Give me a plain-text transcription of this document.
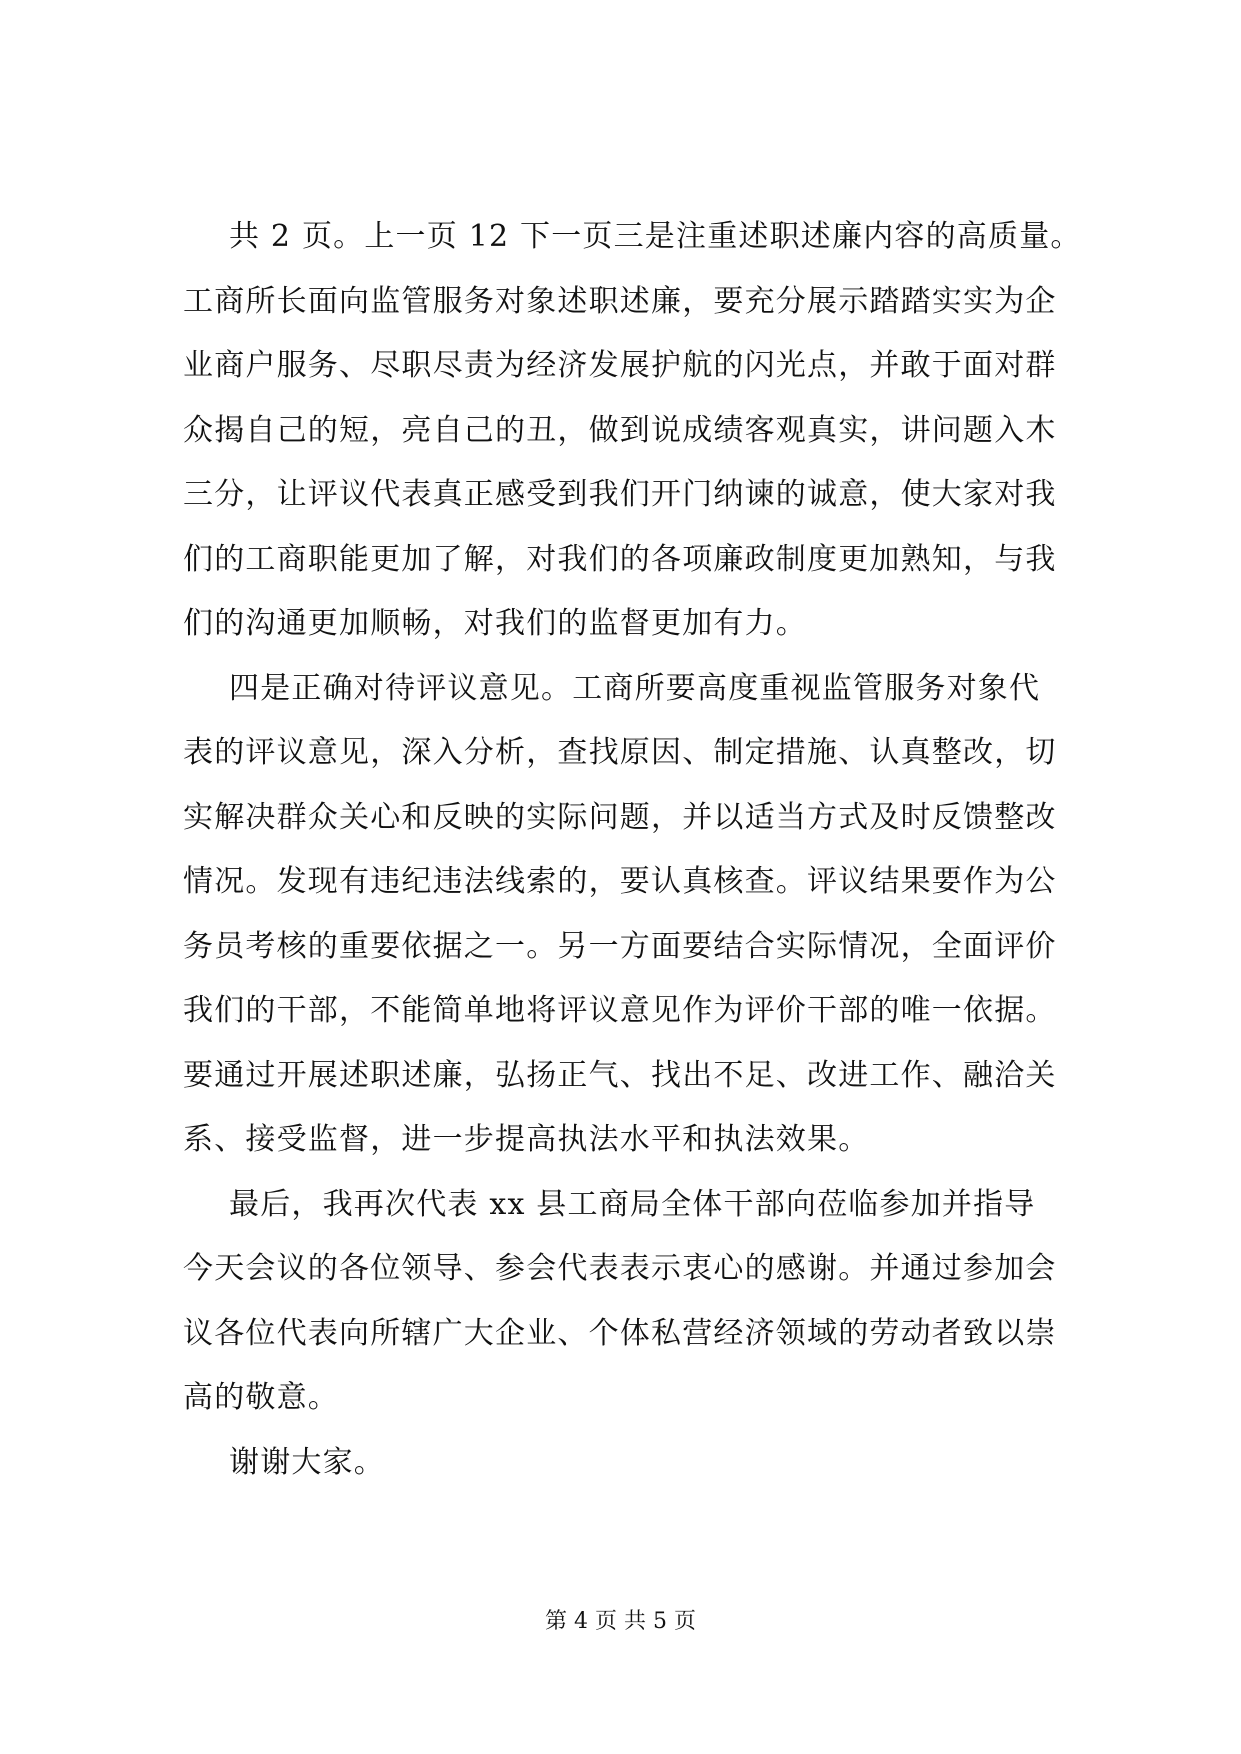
共 2 页。上一页 12 下一页三是注重述职述廉内容的高质量。
工商所长面向监管服务对象述职述廉，要充分展示踏踏实实为企
业商户服务、尽职尽责为经济发展护航的闪光点，并敢于面对群
众揭自己的短，亮自己的丑，做到说成绩客观真实，讲问题入木
三分，让评议代表真正感受到我们开门纳谏的诚意，使大家对我
们的工商职能更加了解，对我们的各项廉政制度更加熟知，与我
们的沟通更加顺畅，对我们的监督更加有力。
四是正确对待评议意见。工商所要高度重视监管服务对象代
表的评议意见，深入分析，查找原因、制定措施、认真整改，切
实解决群众关心和反映的实际问题，并以适当方式及时反馈整改
情况。发现有违纪违法线索的，要认真核查。评议结果要作为公
务员考核的重要依据之一。另一方面要结合实际情况，全面评价
我们的干部，不能简单地将评议意见作为评价干部的唯一依据。
要通过开展述职述廉，弘扬正气、找出不足、改进工作、融洽关
系、接受监督，进一步提高执法水平和执法效果。
最后，我再次代表 xx 县工商局全体干部向莅临参加并指导
今天会议的各位领导、参会代表表示衷心的感谢。并通过参加会
议各位代表向所辖广大企业、个体私营经济领域的劳动者致以崇
高的敬意。
谢谢大家。
第 4 页 共 5 页
